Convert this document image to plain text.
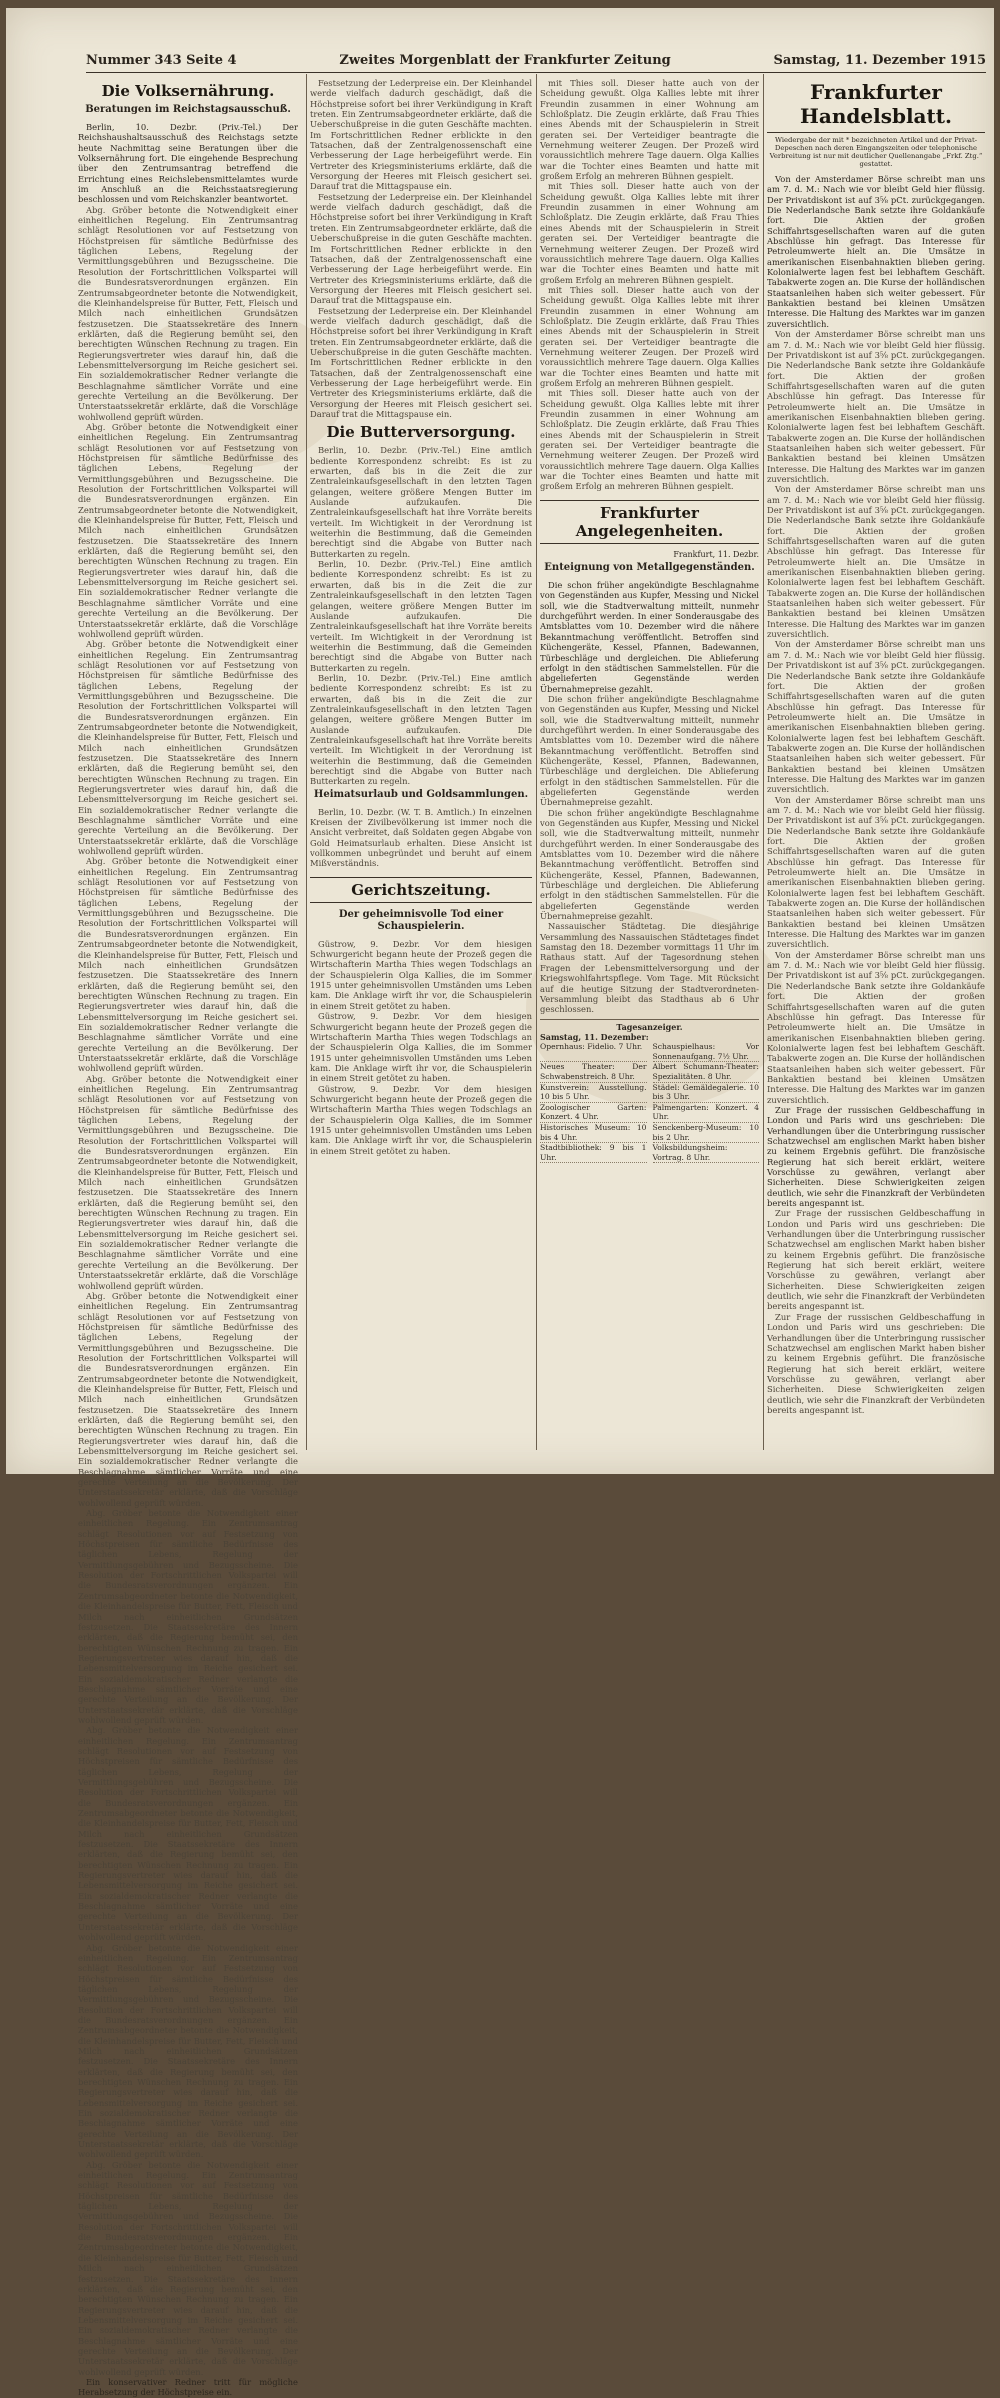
Nummer 343 Seite 4	Zweites Morgenblatt der Frankfurter Zeitung	Samstag, 11. Dezember 1915
Die Volksernährung.
Beratungen im Reichstagsausschuß.

Berlin, 10. Dezbr. (Priv.-Tel.) Der Reichshaushaltsausschuß des Reichstags setzte heute Nachmittag seine Beratungen über die Volksernährung fort. Die eingehende Besprechung über den Zentrumsantrag betreffend die Errichtung eines Reichslebensmittelamtes wurde im Anschluß an die Reichsstaatsregierung beschlossen und vom Reichskanzler beantwortet.

Abg. Gröber betonte die Notwendigkeit einer einheitlichen Regelung. Ein Zentrumsantrag schlägt Resolutionen vor auf Festsetzung von Höchstpreisen für sämtliche Bedürfnisse des täglichen Lebens, Regelung der Vermittlungsgebühren und Bezugsscheine. Die Resolution der Fortschrittlichen Volkspartei will die Bundesratsverordnungen ergänzen. Ein Zentrumsabgeordneter betonte die Notwendigkeit, die Kleinhandelspreise für Butter, Fett, Fleisch und Milch nach einheitlichen Grundsätzen festzusetzen. Die Staatssekretäre des Innern erklärten, daß die Regierung bemüht sei, den berechtigten Wünschen Rechnung zu tragen. Ein Regierungsvertreter wies darauf hin, daß die Lebensmittelversorgung im Reiche gesichert sei. Ein sozialdemokratischer Redner verlangte die Beschlagnahme sämtlicher Vorräte und eine gerechte Verteilung an die Bevölkerung. Der Unterstaatssekretär erklärte, daß die Vorschläge wohlwollend geprüft würden.

Abg. Gröber betonte die Notwendigkeit einer einheitlichen Regelung. Ein Zentrumsantrag schlägt Resolutionen vor auf Festsetzung von Höchstpreisen für sämtliche Bedürfnisse des täglichen Lebens, Regelung der Vermittlungsgebühren und Bezugsscheine. Die Resolution der Fortschrittlichen Volkspartei will die Bundesratsverordnungen ergänzen. Ein Zentrumsabgeordneter betonte die Notwendigkeit, die Kleinhandelspreise für Butter, Fett, Fleisch und Milch nach einheitlichen Grundsätzen festzusetzen. Die Staatssekretäre des Innern erklärten, daß die Regierung bemüht sei, den berechtigten Wünschen Rechnung zu tragen. Ein Regierungsvertreter wies darauf hin, daß die Lebensmittelversorgung im Reiche gesichert sei. Ein sozialdemokratischer Redner verlangte die Beschlagnahme sämtlicher Vorräte und eine gerechte Verteilung an die Bevölkerung. Der Unterstaatssekretär erklärte, daß die Vorschläge wohlwollend geprüft würden.

Abg. Gröber betonte die Notwendigkeit einer einheitlichen Regelung. Ein Zentrumsantrag schlägt Resolutionen vor auf Festsetzung von Höchstpreisen für sämtliche Bedürfnisse des täglichen Lebens, Regelung der Vermittlungsgebühren und Bezugsscheine. Die Resolution der Fortschrittlichen Volkspartei will die Bundesratsverordnungen ergänzen. Ein Zentrumsabgeordneter betonte die Notwendigkeit, die Kleinhandelspreise für Butter, Fett, Fleisch und Milch nach einheitlichen Grundsätzen festzusetzen. Die Staatssekretäre des Innern erklärten, daß die Regierung bemüht sei, den berechtigten Wünschen Rechnung zu tragen. Ein Regierungsvertreter wies darauf hin, daß die Lebensmittelversorgung im Reiche gesichert sei. Ein sozialdemokratischer Redner verlangte die Beschlagnahme sämtlicher Vorräte und eine gerechte Verteilung an die Bevölkerung. Der Unterstaatssekretär erklärte, daß die Vorschläge wohlwollend geprüft würden.

Abg. Gröber betonte die Notwendigkeit einer einheitlichen Regelung. Ein Zentrumsantrag schlägt Resolutionen vor auf Festsetzung von Höchstpreisen für sämtliche Bedürfnisse des täglichen Lebens, Regelung der Vermittlungsgebühren und Bezugsscheine. Die Resolution der Fortschrittlichen Volkspartei will die Bundesratsverordnungen ergänzen. Ein Zentrumsabgeordneter betonte die Notwendigkeit, die Kleinhandelspreise für Butter, Fett, Fleisch und Milch nach einheitlichen Grundsätzen festzusetzen. Die Staatssekretäre des Innern erklärten, daß die Regierung bemüht sei, den berechtigten Wünschen Rechnung zu tragen. Ein Regierungsvertreter wies darauf hin, daß die Lebensmittelversorgung im Reiche gesichert sei. Ein sozialdemokratischer Redner verlangte die Beschlagnahme sämtlicher Vorräte und eine gerechte Verteilung an die Bevölkerung. Der Unterstaatssekretär erklärte, daß die Vorschläge wohlwollend geprüft würden.

Abg. Gröber betonte die Notwendigkeit einer einheitlichen Regelung. Ein Zentrumsantrag schlägt Resolutionen vor auf Festsetzung von Höchstpreisen für sämtliche Bedürfnisse des täglichen Lebens, Regelung der Vermittlungsgebühren und Bezugsscheine. Die Resolution der Fortschrittlichen Volkspartei will die Bundesratsverordnungen ergänzen. Ein Zentrumsabgeordneter betonte die Notwendigkeit, die Kleinhandelspreise für Butter, Fett, Fleisch und Milch nach einheitlichen Grundsätzen festzusetzen. Die Staatssekretäre des Innern erklärten, daß die Regierung bemüht sei, den berechtigten Wünschen Rechnung zu tragen. Ein Regierungsvertreter wies darauf hin, daß die Lebensmittelversorgung im Reiche gesichert sei. Ein sozialdemokratischer Redner verlangte die Beschlagnahme sämtlicher Vorräte und eine gerechte Verteilung an die Bevölkerung. Der Unterstaatssekretär erklärte, daß die Vorschläge wohlwollend geprüft würden.

Abg. Gröber betonte die Notwendigkeit einer einheitlichen Regelung. Ein Zentrumsantrag schlägt Resolutionen vor auf Festsetzung von Höchstpreisen für sämtliche Bedürfnisse des täglichen Lebens, Regelung der Vermittlungsgebühren und Bezugsscheine. Die Resolution der Fortschrittlichen Volkspartei will die Bundesratsverordnungen ergänzen. Ein Zentrumsabgeordneter betonte die Notwendigkeit, die Kleinhandelspreise für Butter, Fett, Fleisch und Milch nach einheitlichen Grundsätzen festzusetzen. Die Staatssekretäre des Innern erklärten, daß die Regierung bemüht sei, den berechtigten Wünschen Rechnung zu tragen. Ein Regierungsvertreter wies darauf hin, daß die Lebensmittelversorgung im Reiche gesichert sei. Ein sozialdemokratischer Redner verlangte die Beschlagnahme sämtlicher Vorräte und eine gerechte Verteilung an die Bevölkerung. Der Unterstaatssekretär erklärte, daß die Vorschläge wohlwollend geprüft würden.

Abg. Gröber betonte die Notwendigkeit einer einheitlichen Regelung. Ein Zentrumsantrag schlägt Resolutionen vor auf Festsetzung von Höchstpreisen für sämtliche Bedürfnisse des täglichen Lebens, Regelung der Vermittlungsgebühren und Bezugsscheine. Die Resolution der Fortschrittlichen Volkspartei will die Bundesratsverordnungen ergänzen. Ein Zentrumsabgeordneter betonte die Notwendigkeit, die Kleinhandelspreise für Butter, Fett, Fleisch und Milch nach einheitlichen Grundsätzen festzusetzen. Die Staatssekretäre des Innern erklärten, daß die Regierung bemüht sei, den berechtigten Wünschen Rechnung zu tragen. Ein Regierungsvertreter wies darauf hin, daß die Lebensmittelversorgung im Reiche gesichert sei. Ein sozialdemokratischer Redner verlangte die Beschlagnahme sämtlicher Vorräte und eine gerechte Verteilung an die Bevölkerung. Der Unterstaatssekretär erklärte, daß die Vorschläge wohlwollend geprüft würden.

Abg. Gröber betonte die Notwendigkeit einer einheitlichen Regelung. Ein Zentrumsantrag schlägt Resolutionen vor auf Festsetzung von Höchstpreisen für sämtliche Bedürfnisse des täglichen Lebens, Regelung der Vermittlungsgebühren und Bezugsscheine. Die Resolution der Fortschrittlichen Volkspartei will die Bundesratsverordnungen ergänzen. Ein Zentrumsabgeordneter betonte die Notwendigkeit, die Kleinhandelspreise für Butter, Fett, Fleisch und Milch nach einheitlichen Grundsätzen festzusetzen. Die Staatssekretäre des Innern erklärten, daß die Regierung bemüht sei, den berechtigten Wünschen Rechnung zu tragen. Ein Regierungsvertreter wies darauf hin, daß die Lebensmittelversorgung im Reiche gesichert sei. Ein sozialdemokratischer Redner verlangte die Beschlagnahme sämtlicher Vorräte und eine gerechte Verteilung an die Bevölkerung. Der Unterstaatssekretär erklärte, daß die Vorschläge wohlwollend geprüft würden.

Abg. Gröber betonte die Notwendigkeit einer einheitlichen Regelung. Ein Zentrumsantrag schlägt Resolutionen vor auf Festsetzung von Höchstpreisen für sämtliche Bedürfnisse des täglichen Lebens, Regelung der Vermittlungsgebühren und Bezugsscheine. Die Resolution der Fortschrittlichen Volkspartei will die Bundesratsverordnungen ergänzen. Ein Zentrumsabgeordneter betonte die Notwendigkeit, die Kleinhandelspreise für Butter, Fett, Fleisch und Milch nach einheitlichen Grundsätzen festzusetzen. Die Staatssekretäre des Innern erklärten, daß die Regierung bemüht sei, den berechtigten Wünschen Rechnung zu tragen. Ein Regierungsvertreter wies darauf hin, daß die Lebensmittelversorgung im Reiche gesichert sei. Ein sozialdemokratischer Redner verlangte die Beschlagnahme sämtlicher Vorräte und eine gerechte Verteilung an die Bevölkerung. Der Unterstaatssekretär erklärte, daß die Vorschläge wohlwollend geprüft würden.

Abg. Gröber betonte die Notwendigkeit einer einheitlichen Regelung. Ein Zentrumsantrag schlägt Resolutionen vor auf Festsetzung von Höchstpreisen für sämtliche Bedürfnisse des täglichen Lebens, Regelung der Vermittlungsgebühren und Bezugsscheine. Die Resolution der Fortschrittlichen Volkspartei will die Bundesratsverordnungen ergänzen. Ein Zentrumsabgeordneter betonte die Notwendigkeit, die Kleinhandelspreise für Butter, Fett, Fleisch und Milch nach einheitlichen Grundsätzen festzusetzen. Die Staatssekretäre des Innern erklärten, daß die Regierung bemüht sei, den berechtigten Wünschen Rechnung zu tragen. Ein Regierungsvertreter wies darauf hin, daß die Lebensmittelversorgung im Reiche gesichert sei. Ein sozialdemokratischer Redner verlangte die Beschlagnahme sämtlicher Vorräte und eine gerechte Verteilung an die Bevölkerung. Der Unterstaatssekretär erklärte, daß die Vorschläge wohlwollend geprüft würden.

Ein konservativer Redner tritt für mögliche Herabsetzung der Höchstpreise ein.

Festsetzung der Lederpreise ein. Der Kleinhandel werde vielfach dadurch geschädigt, daß die Höchstpreise sofort bei ihrer Verkündigung in Kraft treten. Ein Zentrumsabgeordneter erklärte, daß die Ueberschußpreise in die guten Geschäfte machten. Im Fortschrittlichen Redner erblickte in den Tatsachen, daß der Zentralgenossenschaft eine Verbesserung der Lage herbeigeführt werde. Ein Vertreter des Kriegsministeriums erklärte, daß die Versorgung der Heeres mit Fleisch gesichert sei. Darauf trat die Mittagspause ein.

Festsetzung der Lederpreise ein. Der Kleinhandel werde vielfach dadurch geschädigt, daß die Höchstpreise sofort bei ihrer Verkündigung in Kraft treten. Ein Zentrumsabgeordneter erklärte, daß die Ueberschußpreise in die guten Geschäfte machten. Im Fortschrittlichen Redner erblickte in den Tatsachen, daß der Zentralgenossenschaft eine Verbesserung der Lage herbeigeführt werde. Ein Vertreter des Kriegsministeriums erklärte, daß die Versorgung der Heeres mit Fleisch gesichert sei. Darauf trat die Mittagspause ein.

Festsetzung der Lederpreise ein. Der Kleinhandel werde vielfach dadurch geschädigt, daß die Höchstpreise sofort bei ihrer Verkündigung in Kraft treten. Ein Zentrumsabgeordneter erklärte, daß die Ueberschußpreise in die guten Geschäfte machten. Im Fortschrittlichen Redner erblickte in den Tatsachen, daß der Zentralgenossenschaft eine Verbesserung der Lage herbeigeführt werde. Ein Vertreter des Kriegsministeriums erklärte, daß die Versorgung der Heeres mit Fleisch gesichert sei. Darauf trat die Mittagspause ein.

Die Butterversorgung.

Berlin, 10. Dezbr. (Priv.-Tel.) Eine amtlich bediente Korrespondenz schreibt: Es ist zu erwarten, daß bis in die Zeit die zur Zentraleinkaufsgesellschaft in den letzten Tagen gelangen, weitere größere Mengen Butter im Auslande aufzukaufen. Die Zentraleinkaufsgesellschaft hat ihre Vorräte bereits verteilt. Im Wichtigkeit in der Verordnung ist weiterhin die Bestimmung, daß die Gemeinden berechtigt sind die Abgabe von Butter nach Butterkarten zu regeln.

Berlin, 10. Dezbr. (Priv.-Tel.) Eine amtlich bediente Korrespondenz schreibt: Es ist zu erwarten, daß bis in die Zeit die zur Zentraleinkaufsgesellschaft in den letzten Tagen gelangen, weitere größere Mengen Butter im Auslande aufzukaufen. Die Zentraleinkaufsgesellschaft hat ihre Vorräte bereits verteilt. Im Wichtigkeit in der Verordnung ist weiterhin die Bestimmung, daß die Gemeinden berechtigt sind die Abgabe von Butter nach Butterkarten zu regeln.

Berlin, 10. Dezbr. (Priv.-Tel.) Eine amtlich bediente Korrespondenz schreibt: Es ist zu erwarten, daß bis in die Zeit die zur Zentraleinkaufsgesellschaft in den letzten Tagen gelangen, weitere größere Mengen Butter im Auslande aufzukaufen. Die Zentraleinkaufsgesellschaft hat ihre Vorräte bereits verteilt. Im Wichtigkeit in der Verordnung ist weiterhin die Bestimmung, daß die Gemeinden berechtigt sind die Abgabe von Butter nach Butterkarten zu regeln.

Heimatsurlaub und Goldsammlungen.

Berlin, 10. Dezbr. (W. T. B. Amtlich.) In einzelnen Kreisen der Zivilbevölkerung ist immer noch die Ansicht verbreitet, daß Soldaten gegen Abgabe von Gold Heimatsurlaub erhalten. Diese Ansicht ist vollkommen unbegründet und beruht auf einem Mißverständnis.

Gerichtszeitung.
Der geheimnisvolle Tod einer Schauspielerin.

Güstrow, 9. Dezbr. Vor dem hiesigen Schwurgericht begann heute der Prozeß gegen die Wirtschafterin Martha Thies wegen Todschlags an der Schauspielerin Olga Kallies, die im Sommer 1915 unter geheimnisvollen Umständen ums Leben kam. Die Anklage wirft ihr vor, die Schauspielerin in einem Streit getötet zu haben.

Güstrow, 9. Dezbr. Vor dem hiesigen Schwurgericht begann heute der Prozeß gegen die Wirtschafterin Martha Thies wegen Todschlags an der Schauspielerin Olga Kallies, die im Sommer 1915 unter geheimnisvollen Umständen ums Leben kam. Die Anklage wirft ihr vor, die Schauspielerin in einem Streit getötet zu haben.

Güstrow, 9. Dezbr. Vor dem hiesigen Schwurgericht begann heute der Prozeß gegen die Wirtschafterin Martha Thies wegen Todschlags an der Schauspielerin Olga Kallies, die im Sommer 1915 unter geheimnisvollen Umständen ums Leben kam. Die Anklage wirft ihr vor, die Schauspielerin in einem Streit getötet zu haben.

mit Thies soll. Dieser hatte auch von der Scheidung gewußt. Olga Kallies lebte mit ihrer Freundin zusammen in einer Wohnung am Schloßplatz. Die Zeugin erklärte, daß Frau Thies eines Abends mit der Schauspielerin in Streit geraten sei. Der Verteidiger beantragte die Vernehmung weiterer Zeugen. Der Prozeß wird voraussichtlich mehrere Tage dauern. Olga Kallies war die Tochter eines Beamten und hatte mit großem Erfolg an mehreren Bühnen gespielt.

mit Thies soll. Dieser hatte auch von der Scheidung gewußt. Olga Kallies lebte mit ihrer Freundin zusammen in einer Wohnung am Schloßplatz. Die Zeugin erklärte, daß Frau Thies eines Abends mit der Schauspielerin in Streit geraten sei. Der Verteidiger beantragte die Vernehmung weiterer Zeugen. Der Prozeß wird voraussichtlich mehrere Tage dauern. Olga Kallies war die Tochter eines Beamten und hatte mit großem Erfolg an mehreren Bühnen gespielt.

mit Thies soll. Dieser hatte auch von der Scheidung gewußt. Olga Kallies lebte mit ihrer Freundin zusammen in einer Wohnung am Schloßplatz. Die Zeugin erklärte, daß Frau Thies eines Abends mit der Schauspielerin in Streit geraten sei. Der Verteidiger beantragte die Vernehmung weiterer Zeugen. Der Prozeß wird voraussichtlich mehrere Tage dauern. Olga Kallies war die Tochter eines Beamten und hatte mit großem Erfolg an mehreren Bühnen gespielt.

mit Thies soll. Dieser hatte auch von der Scheidung gewußt. Olga Kallies lebte mit ihrer Freundin zusammen in einer Wohnung am Schloßplatz. Die Zeugin erklärte, daß Frau Thies eines Abends mit der Schauspielerin in Streit geraten sei. Der Verteidiger beantragte die Vernehmung weiterer Zeugen. Der Prozeß wird voraussichtlich mehrere Tage dauern. Olga Kallies war die Tochter eines Beamten und hatte mit großem Erfolg an mehreren Bühnen gespielt.

Frankfurter Angelegenheiten.
Frankfurt, 11. Dezbr.
Enteignung von Metallgegenständen.

Die schon früher angekündigte Beschlagnahme von Gegenständen aus Kupfer, Messing und Nickel soll, wie die Stadtverwaltung mitteilt, nunmehr durchgeführt werden. In einer Sonderausgabe des Amtsblattes vom 10. Dezember wird die nähere Bekanntmachung veröffentlicht. Betroffen sind Küchengeräte, Kessel, Pfannen, Badewannen, Türbeschläge und dergleichen. Die Ablieferung erfolgt in den städtischen Sammelstellen. Für die abgelieferten Gegenstände werden Übernahmepreise gezahlt.

Die schon früher angekündigte Beschlagnahme von Gegenständen aus Kupfer, Messing und Nickel soll, wie die Stadtverwaltung mitteilt, nunmehr durchgeführt werden. In einer Sonderausgabe des Amtsblattes vom 10. Dezember wird die nähere Bekanntmachung veröffentlicht. Betroffen sind Küchengeräte, Kessel, Pfannen, Badewannen, Türbeschläge und dergleichen. Die Ablieferung erfolgt in den städtischen Sammelstellen. Für die abgelieferten Gegenstände werden Übernahmepreise gezahlt.

Die schon früher angekündigte Beschlagnahme von Gegenständen aus Kupfer, Messing und Nickel soll, wie die Stadtverwaltung mitteilt, nunmehr durchgeführt werden. In einer Sonderausgabe des Amtsblattes vom 10. Dezember wird die nähere Bekanntmachung veröffentlicht. Betroffen sind Küchengeräte, Kessel, Pfannen, Badewannen, Türbeschläge und dergleichen. Die Ablieferung erfolgt in den städtischen Sammelstellen. Für die abgelieferten Gegenstände werden Übernahmepreise gezahlt.

Nassauischer Städtetag. Die diesjährige Versammlung des Nassauischen Städtetages findet Samstag den 18. Dezember vormittags 11 Uhr im Rathaus statt. Auf der Tagesordnung stehen Fragen der Lebensmittelversorgung und der Kriegswohlfahrtspflege. Vom Tage. Mit Rücksicht auf die heutige Sitzung der Stadtverordneten-Versammlung bleibt das Stadthaus ab 6 Uhr geschlossen.

Tagesanzeiger.
Samstag, 11. Dezember:
Opernhaus: Fidelio. 7 Uhr.	Schauspielhaus: Vor Sonnenaufgang. 7½ Uhr.
Neues Theater: Der Schwabenstreich. 8 Uhr.
Albert Schumann-Theater: Spezialitäten. 8 Uhr.
Kunstverein: Ausstellung. 10 bis 5 Uhr.
Städel: Gemäldegalerie. 10 bis 3 Uhr.
Zoologischer Garten: Konzert. 4 Uhr.
Palmengarten: Konzert. 4 Uhr.
Historisches Museum: 10 bis 4 Uhr.
Senckenberg-Museum: 10 bis 2 Uhr.
Stadtbibliothek: 9 bis 1 Uhr.
Volksbildungsheim: Vortrag. 8 Uhr.
Frankfurter Handelsblatt.
Wiedergabe der mit * bezeichneten Artikel und der Privat-Depeschen nach deren Eingangszeiten oder telephonische Verbreitung ist nur mit deutlicher Quellenangabe „Frkf. Ztg.“ gestattet.

Von der Amsterdamer Börse schreibt man uns am 7. d. M.: Nach wie vor bleibt Geld hier flüssig. Der Privatdiskont ist auf 3⅝ pCt. zurückgegangen. Die Nederlandsche Bank setzte ihre Goldankäufe fort. Die Aktien der großen Schiffahrtsgesellschaften waren auf die guten Abschlüsse hin gefragt. Das Interesse für Petroleumwerte hielt an. Die Umsätze in amerikanischen Eisenbahnaktien blieben gering. Kolonialwerte lagen fest bei lebhaftem Geschäft. Tabakwerte zogen an. Die Kurse der holländischen Staatsanleihen haben sich weiter gebessert. Für Bankaktien bestand bei kleinen Umsätzen Interesse. Die Haltung des Marktes war im ganzen zuversichtlich.

Von der Amsterdamer Börse schreibt man uns am 7. d. M.: Nach wie vor bleibt Geld hier flüssig. Der Privatdiskont ist auf 3⅝ pCt. zurückgegangen. Die Nederlandsche Bank setzte ihre Goldankäufe fort. Die Aktien der großen Schiffahrtsgesellschaften waren auf die guten Abschlüsse hin gefragt. Das Interesse für Petroleumwerte hielt an. Die Umsätze in amerikanischen Eisenbahnaktien blieben gering. Kolonialwerte lagen fest bei lebhaftem Geschäft. Tabakwerte zogen an. Die Kurse der holländischen Staatsanleihen haben sich weiter gebessert. Für Bankaktien bestand bei kleinen Umsätzen Interesse. Die Haltung des Marktes war im ganzen zuversichtlich.

Von der Amsterdamer Börse schreibt man uns am 7. d. M.: Nach wie vor bleibt Geld hier flüssig. Der Privatdiskont ist auf 3⅝ pCt. zurückgegangen. Die Nederlandsche Bank setzte ihre Goldankäufe fort. Die Aktien der großen Schiffahrtsgesellschaften waren auf die guten Abschlüsse hin gefragt. Das Interesse für Petroleumwerte hielt an. Die Umsätze in amerikanischen Eisenbahnaktien blieben gering. Kolonialwerte lagen fest bei lebhaftem Geschäft. Tabakwerte zogen an. Die Kurse der holländischen Staatsanleihen haben sich weiter gebessert. Für Bankaktien bestand bei kleinen Umsätzen Interesse. Die Haltung des Marktes war im ganzen zuversichtlich.

Von der Amsterdamer Börse schreibt man uns am 7. d. M.: Nach wie vor bleibt Geld hier flüssig. Der Privatdiskont ist auf 3⅝ pCt. zurückgegangen. Die Nederlandsche Bank setzte ihre Goldankäufe fort. Die Aktien der großen Schiffahrtsgesellschaften waren auf die guten Abschlüsse hin gefragt. Das Interesse für Petroleumwerte hielt an. Die Umsätze in amerikanischen Eisenbahnaktien blieben gering. Kolonialwerte lagen fest bei lebhaftem Geschäft. Tabakwerte zogen an. Die Kurse der holländischen Staatsanleihen haben sich weiter gebessert. Für Bankaktien bestand bei kleinen Umsätzen Interesse. Die Haltung des Marktes war im ganzen zuversichtlich.

Von der Amsterdamer Börse schreibt man uns am 7. d. M.: Nach wie vor bleibt Geld hier flüssig. Der Privatdiskont ist auf 3⅝ pCt. zurückgegangen. Die Nederlandsche Bank setzte ihre Goldankäufe fort. Die Aktien der großen Schiffahrtsgesellschaften waren auf die guten Abschlüsse hin gefragt. Das Interesse für Petroleumwerte hielt an. Die Umsätze in amerikanischen Eisenbahnaktien blieben gering. Kolonialwerte lagen fest bei lebhaftem Geschäft. Tabakwerte zogen an. Die Kurse der holländischen Staatsanleihen haben sich weiter gebessert. Für Bankaktien bestand bei kleinen Umsätzen Interesse. Die Haltung des Marktes war im ganzen zuversichtlich.

Von der Amsterdamer Börse schreibt man uns am 7. d. M.: Nach wie vor bleibt Geld hier flüssig. Der Privatdiskont ist auf 3⅝ pCt. zurückgegangen. Die Nederlandsche Bank setzte ihre Goldankäufe fort. Die Aktien der großen Schiffahrtsgesellschaften waren auf die guten Abschlüsse hin gefragt. Das Interesse für Petroleumwerte hielt an. Die Umsätze in amerikanischen Eisenbahnaktien blieben gering. Kolonialwerte lagen fest bei lebhaftem Geschäft. Tabakwerte zogen an. Die Kurse der holländischen Staatsanleihen haben sich weiter gebessert. Für Bankaktien bestand bei kleinen Umsätzen Interesse. Die Haltung des Marktes war im ganzen zuversichtlich.

Zur Frage der russischen Geldbeschaffung in London und Paris wird uns geschrieben: Die Verhandlungen über die Unterbringung russischer Schatzwechsel am englischen Markt haben bisher zu keinem Ergebnis geführt. Die französische Regierung hat sich bereit erklärt, weitere Vorschüsse zu gewähren, verlangt aber Sicherheiten. Diese Schwierigkeiten zeigen deutlich, wie sehr die Finanzkraft der Verbündeten bereits angespannt ist.

Zur Frage der russischen Geldbeschaffung in London und Paris wird uns geschrieben: Die Verhandlungen über die Unterbringung russischer Schatzwechsel am englischen Markt haben bisher zu keinem Ergebnis geführt. Die französische Regierung hat sich bereit erklärt, weitere Vorschüsse zu gewähren, verlangt aber Sicherheiten. Diese Schwierigkeiten zeigen deutlich, wie sehr die Finanzkraft der Verbündeten bereits angespannt ist.

Zur Frage der russischen Geldbeschaffung in London und Paris wird uns geschrieben: Die Verhandlungen über die Unterbringung russischer Schatzwechsel am englischen Markt haben bisher zu keinem Ergebnis geführt. Die französische Regierung hat sich bereit erklärt, weitere Vorschüsse zu gewähren, verlangt aber Sicherheiten. Diese Schwierigkeiten zeigen deutlich, wie sehr die Finanzkraft der Verbündeten bereits angespannt ist.
